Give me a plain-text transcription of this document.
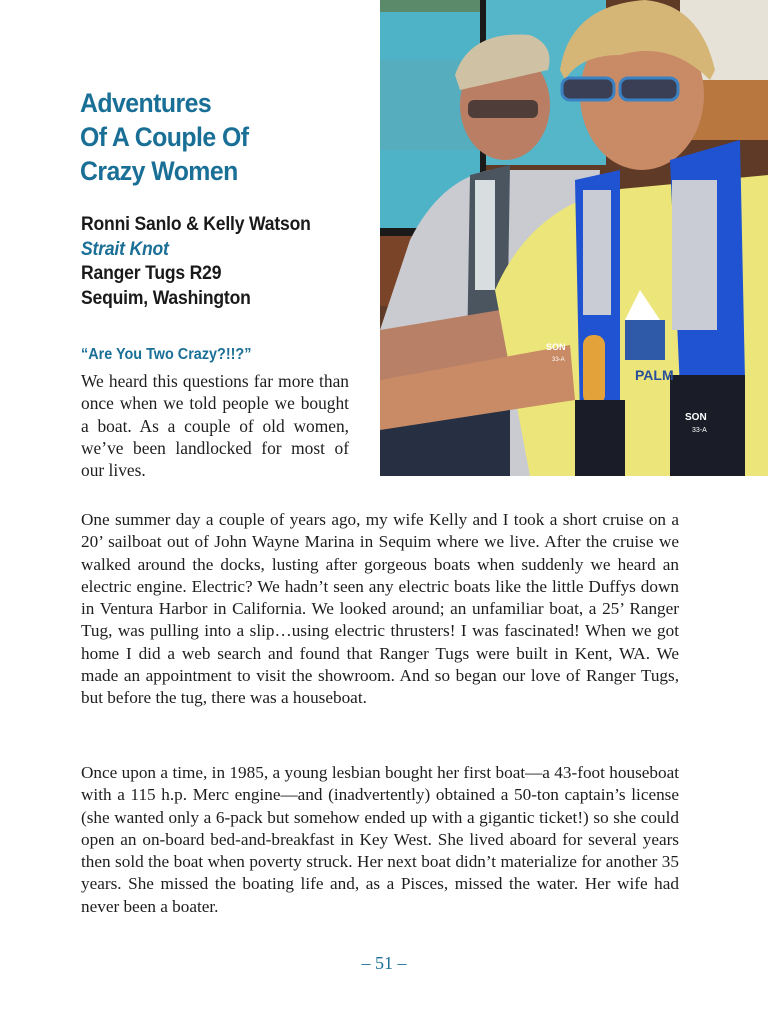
PALM
SON
33-A
SON
33-A
Adventures
Of A Couple Of
Crazy Women
Ronni Sanlo & Kelly Watson
Strait Knot
Ranger Tugs R29
Sequim, Washington
“Are You Two Crazy?!!?”

We heard this questions far more than once when we told people we bought a boat. As a couple of old women, we’ve been landlocked for most of our lives.

One summer day a couple of years ago, my wife Kelly and I took a short cruise on a 20’ sailboat out of John Wayne Marina in Sequim where we live. After the cruise we walked around the docks, lusting after gorgeous boats when suddenly we heard an electric engine. Electric? We hadn’t seen any electric boats like the little Duffys down in Ventura Harbor in California. We looked around; an unfamiliar boat, a 25’ Ranger Tug, was pulling into a slip…using electric thrusters! I was fascinated! When we got home I did a web search and found that Ranger Tugs were built in Kent, WA. We made an appointment to visit the showroom. And so began our love of Ranger Tugs, but before the tug, there was a houseboat.

Once upon a time, in 1985, a young lesbian bought her first boat—a 43-foot houseboat with a 115 h.p. Merc engine—and (inadvertently) obtained a 50-ton captain’s license (she wanted only a 6-pack but somehow ended up with a gigantic ticket!) so she could open an on-board bed-and-breakfast in Key West. She lived aboard for several years then sold the boat when poverty struck. Her next boat didn’t materialize for another 35 years. She missed the boating life and, as a Pisces, missed the water. Her wife had never been a boater.

– 51 –
